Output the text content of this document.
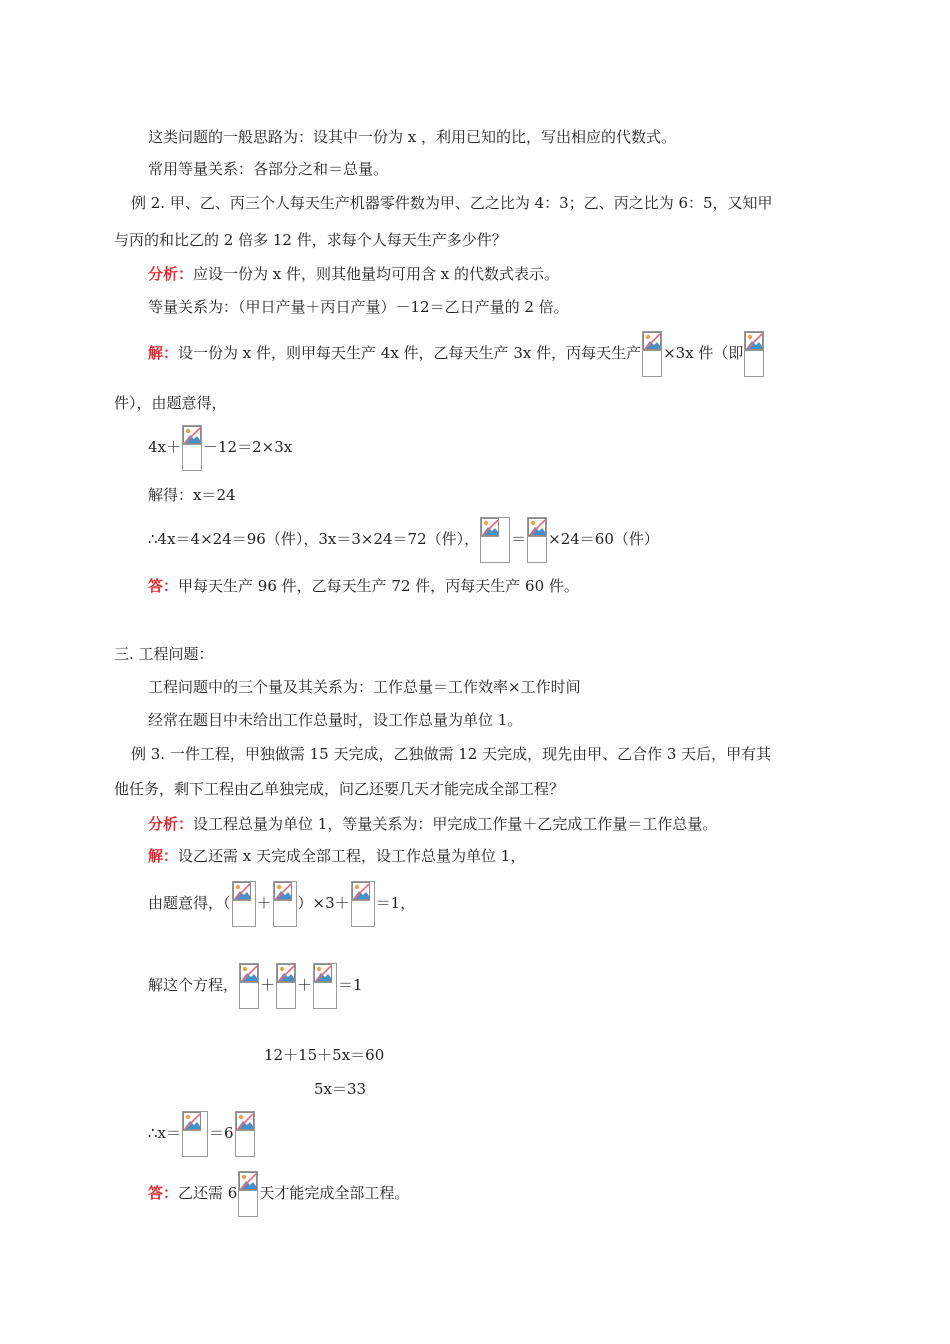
这类问题的一般思路为：设其中一份为 x ，利用已知的比，写出相应的代数式。
常用等量关系：各部分之和＝总量。
例 2. 甲、乙、丙三个人每天生产机器零件数为甲、乙之比为 4：3；乙、丙之比为 6：5，又知甲
与丙的和比乙的 2 倍多 12 件，求每个人每天生产多少件？
分析：应设一份为 x 件，则其他量均可用含 x 的代数式表示。
等量关系为：（甲日产量＋丙日产量）－12＝乙日产量的 2 倍。
解：设一份为 x 件，则甲每天生产 4x 件，乙每天生产 3x 件，丙每天生产 ×3x 件（即
件），由题意得，
4x＋ －12＝2×3x
解得：x＝24
∴4x＝4×24＝96（件），3x＝3×24＝72（件）， ＝ ×24＝60（件）
答：甲每天生产 96 件，乙每天生产 72 件，丙每天生产 60 件。
三. 工程问题：
工程问题中的三个量及其关系为：工作总量＝工作效率×工作时间
经常在题目中未给出工作总量时，设工作总量为单位 1。
例 3. 一件工程，甲独做需 15 天完成，乙独做需 12 天完成，现先由甲、乙合作 3 天后，甲有其
他任务，剩下工程由乙单独完成，问乙还要几天才能完成全部工程？
分析：设工程总量为单位 1，等量关系为：甲完成工作量＋乙完成工作量＝工作总量。
解：设乙还需 x 天完成全部工程，设工作总量为单位 1，
由题意得，（ ＋ ）×3＋ ＝1，
解这个方程， ＋ ＋ ＝1
12＋15＋5x＝60
5x＝33
∴x＝ ＝6
答：乙还需 6 天才能完成全部工程。
